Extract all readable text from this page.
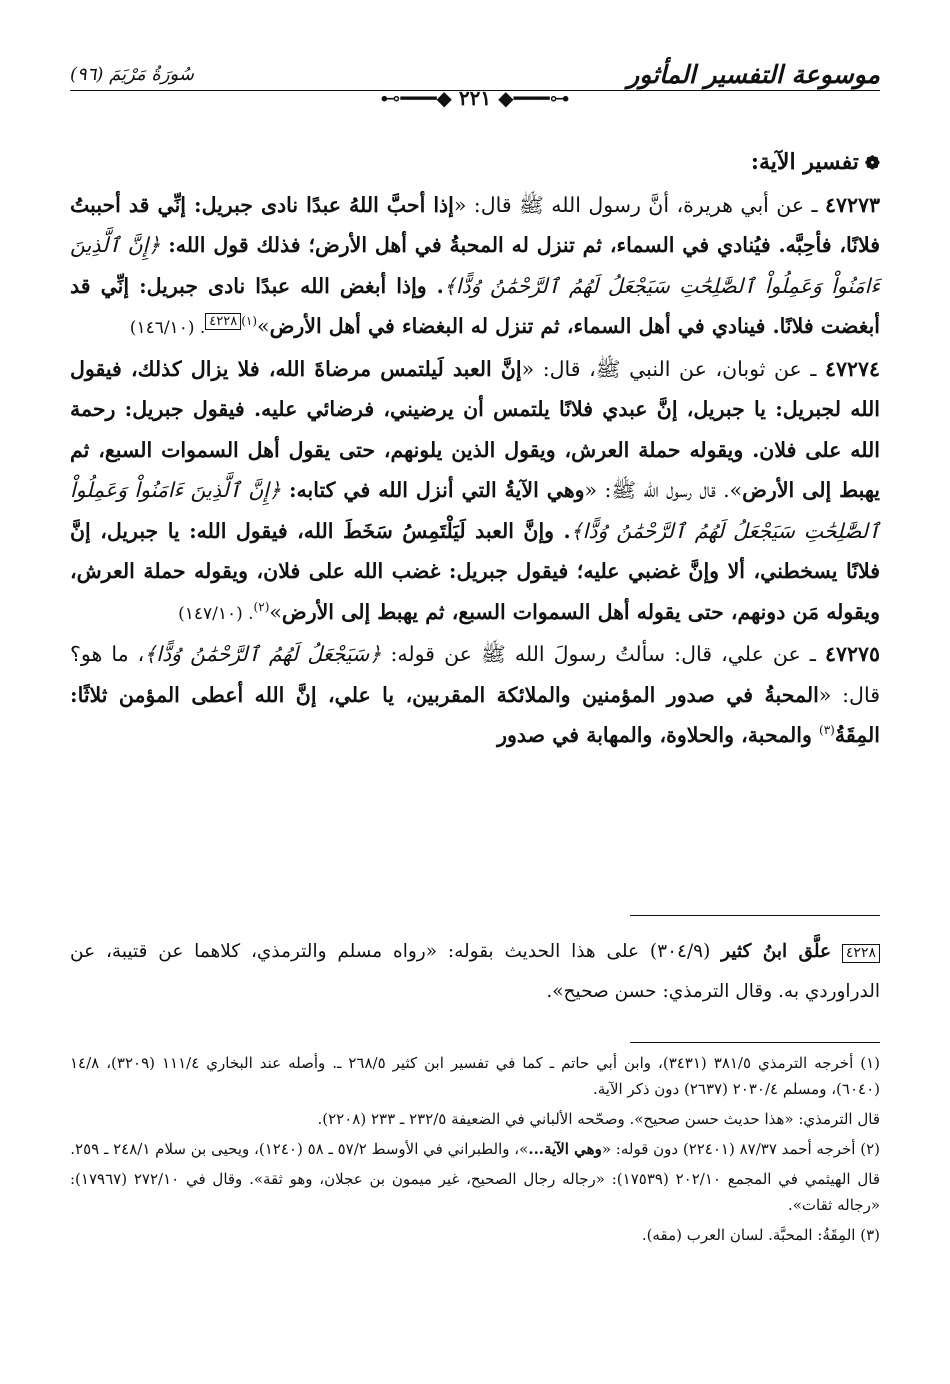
موسوعة التفسير المأثور
سُورَةُ مَرْيَمَ (٩٦)
⊷━━━◆ ٢٢١ ◆━━━⊶

❁تفسير الآية:

٤٧٢٧٣ ـ عن أبي هريرة، أنَّ رسول الله ﷺ قال: «إذا أحبَّ اللهُ عبدًا نادى جبريل: إنِّي قد أحببتُ فلانًا، فأحِبَّه. فيُنادي في السماء، ثم تنزل له المحبةُ في أهل الأرض؛ فذلك قول الله: ﴿إِنَّ ٱلَّذِينَ ءَامَنُواْ وَعَمِلُواْ ٱلصَّٰلِحَٰتِ سَيَجْعَلُ لَهُمُ ٱلرَّحْمَٰنُ وُدًّا﴾. وإذا أبغض الله عبدًا نادى جبريل: إنِّي قد أبغضت فلانًا. فينادي في أهل السماء، ثم تنزل له البغضاء في أهل الأرض»$^{(١)}$٤٢٢٨. (١٤٦/١٠)

٤٧٢٧٤ ـ عن ثوبان، عن النبي ﷺ، قال: «إنَّ العبد لَيلتمس مرضاةَ الله، فلا يزال كذلك، فيقول الله لجبريل: يا جبريل، إنَّ عبدي فلانًا يلتمس أن يرضيني، فرضائي عليه. فيقول جبريل: رحمة الله على فلان. ويقوله حملة العرش، ويقول الذين يلونهم، حتى يقول أهل السموات السبع، ثم يهبط إلى الأرض». قال رسول الله ﷺ: «وهي الآيةُ التي أنزل الله في كتابه: ﴿إِنَّ ٱلَّذِينَ ءَامَنُواْ وَعَمِلُواْ ٱلصَّٰلِحَٰتِ سَيَجْعَلُ لَهُمُ ٱلرَّحْمَٰنُ وُدًّا﴾. وإنَّ العبد لَيَلْتَمِسُ سَخَطَ الله، فيقول الله: يا جبريل، إنَّ فلانًا يسخطني، ألا وإنَّ غضبي عليه؛ فيقول جبريل: غضب الله على فلان، ويقوله حملة العرش، ويقوله مَن دونهم، حتى يقوله أهل السموات السبع، ثم يهبط إلى الأرض»$^{(٢)}$. (١٤٧/١٠)

٤٧٢٧٥ ـ عن علي، قال: سألتُ رسولَ الله ﷺ عن قوله: ﴿سَيَجْعَلُ لَهُمُ ٱلرَّحْمَٰنُ وُدًّا﴾، ما هو؟ قال: «المحبةُ في صدور المؤمنين والملائكة المقربين، يا علي، إنَّ الله أعطى المؤمن ثلاثًا: المِقَةُ$^{(٣)}$ والمحبة، والحلاوة، والمهابة في صدور

٤٢٢٨ علَّق ابنُ كثير (٣٠٤/٩) على هذا الحديث بقوله: «رواه مسلم والترمذي، كلاهما عن قتيبة، عن الدراوردي به. وقال الترمذي: حسن صحيح».

(١) أخرجه الترمذي ٣٨١/٥ (٣٤٣١)، وابن أبي حاتم ـ كما في تفسير ابن كثير ٢٦٨/٥ ـ. وأصله عند البخاري ١١١/٤ (٣٢٠٩)، ١٤/٨ (٦٠٤٠)، ومسلم ٢٠٣٠/٤ (٢٦٣٧) دون ذكر الآية.

قال الترمذي: «هذا حديث حسن صحيح». وصحّحه الألباني في الضعيفة ٢٣٢/٥ ـ ٢٣٣ (٢٢٠٨).

(٢) أخرجه أحمد ٨٧/٣٧ (٢٢٤٠١) دون قوله: «وهي الآية...»، والطبراني في الأوسط ٥٧/٢ ـ ٥٨ (١٢٤٠)، ويحيى بن سلام ٢٤٨/١ ـ ٢٥٩.

قال الهيثمي في المجمع ٢٠٢/١٠ (١٧٥٣٩): «رجاله رجال الصحيح، غير ميمون بن عجلان، وهو ثقة». وقال في ٢٧٢/١٠ (١٧٩٦٧): «رجاله ثقات».

(٣) المِقَةُ: المحبَّة. لسان العرب (مقه).
